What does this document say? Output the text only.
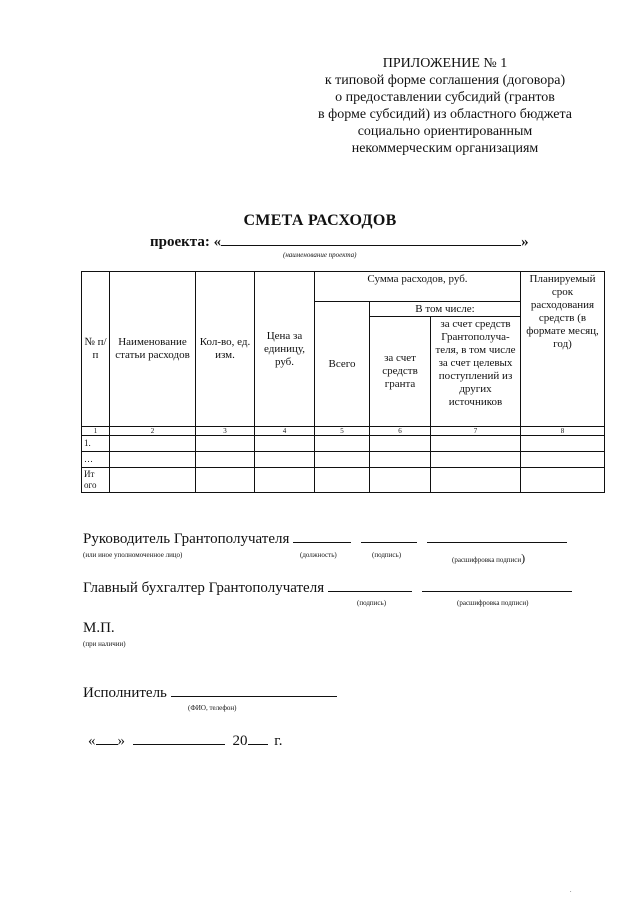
ПРИЛОЖЕНИЕ № 1
к типовой форме соглашения (договора)
о предоставлении субсидий (грантов
в форме субсидий) из областного бюджета
социально ориентированным
некоммерческим организациям
СМЕТА РАСХОДОВ
проекта: «	»
(наименование проекта)
№ п/п	Наименование статьи расходов	Кол-во, ед. изм.	Цена за единицу, руб.	Сумма расходов, руб.			Планируемый срок расходования средств (в формате месяц, год)
				Всего	В том числе:		
					за счет средств гранта	за счет средств Грантополуча-теля, в том числе за счет целевых поступлений из других источников	
1	2	3	4	5	6	7	8
1.							
…							
Ит ого							
Руководитель Грантополучателя
(или иное уполномоченное лицо)	(должность)	(подпись)
(расшифровка подписи)
Главный бухгалтер Грантополучателя
(подпись)	(расшифровка подписи)
М.П.
(при наличии)
Исполнитель
(ФИО, телефон)
« »	20 г.
.
